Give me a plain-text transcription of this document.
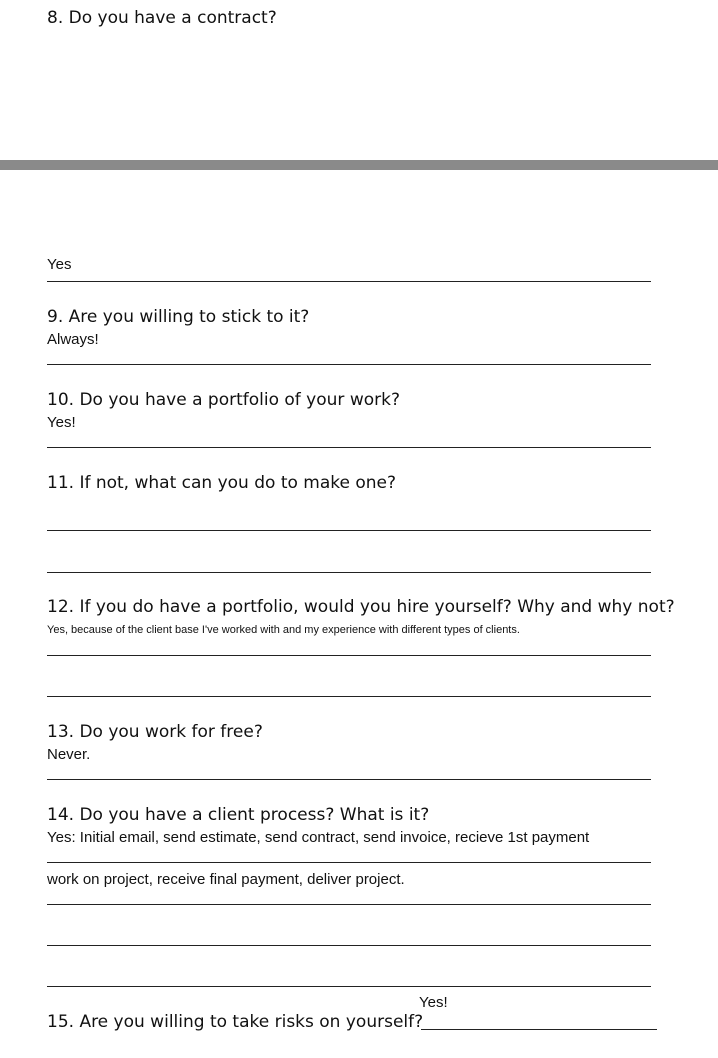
8. Do you have a contract?
Yes
9. Are you willing to stick to it?
Always!
10. Do you have a portfolio of your work?
Yes!
11. If not, what can you do to make one?
12. If you do have a portfolio, would you hire yourself? Why and why not?
Yes, because of the client base I've worked with and my experience with different types of clients.
13. Do you work for free?
Never.
14. Do you have a client process? What is it?
Yes: Initial email, send estimate, send contract, send invoice, recieve 1st payment
work on project, receive final payment, deliver project.
Yes!
15. Are you willing to take risks on yourself?
